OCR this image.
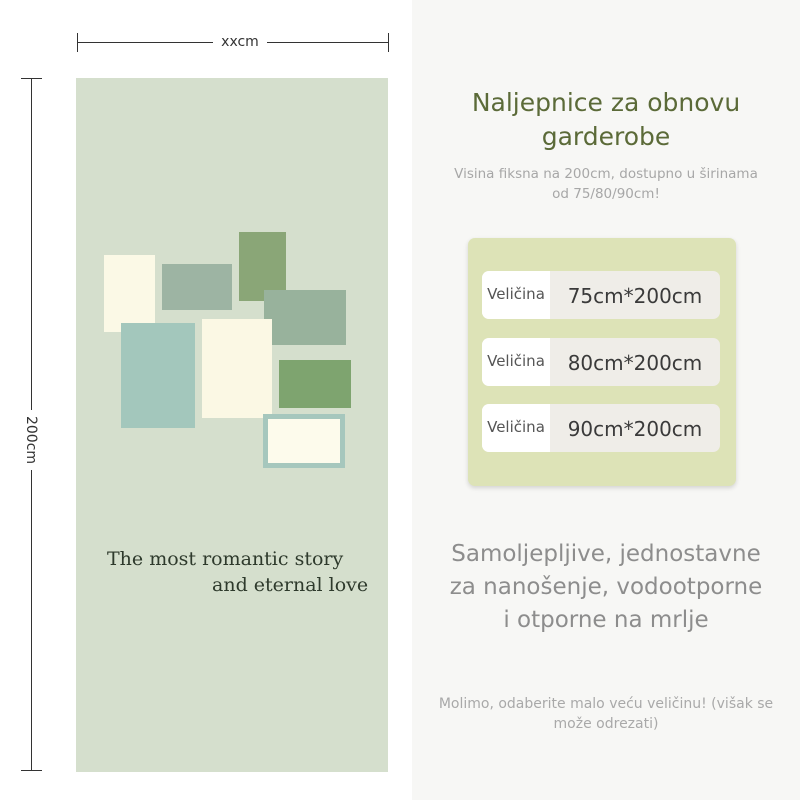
xxcm
200cm
The most romantic story
and eternal love
Naljepnice za obnovu
garderobe
Visina fiksna na 200cm, dostupno u širinama
od 75/80/90cm!
Veličina	75cm*200cm
Veličina	80cm*200cm
Veličina	90cm*200cm
Samoljepljive, jednostavne
za nanošenje, vodootporne
i otporne na mrlje
Molimo, odaberite malo veću veličinu! (višak se
može odrezati)
